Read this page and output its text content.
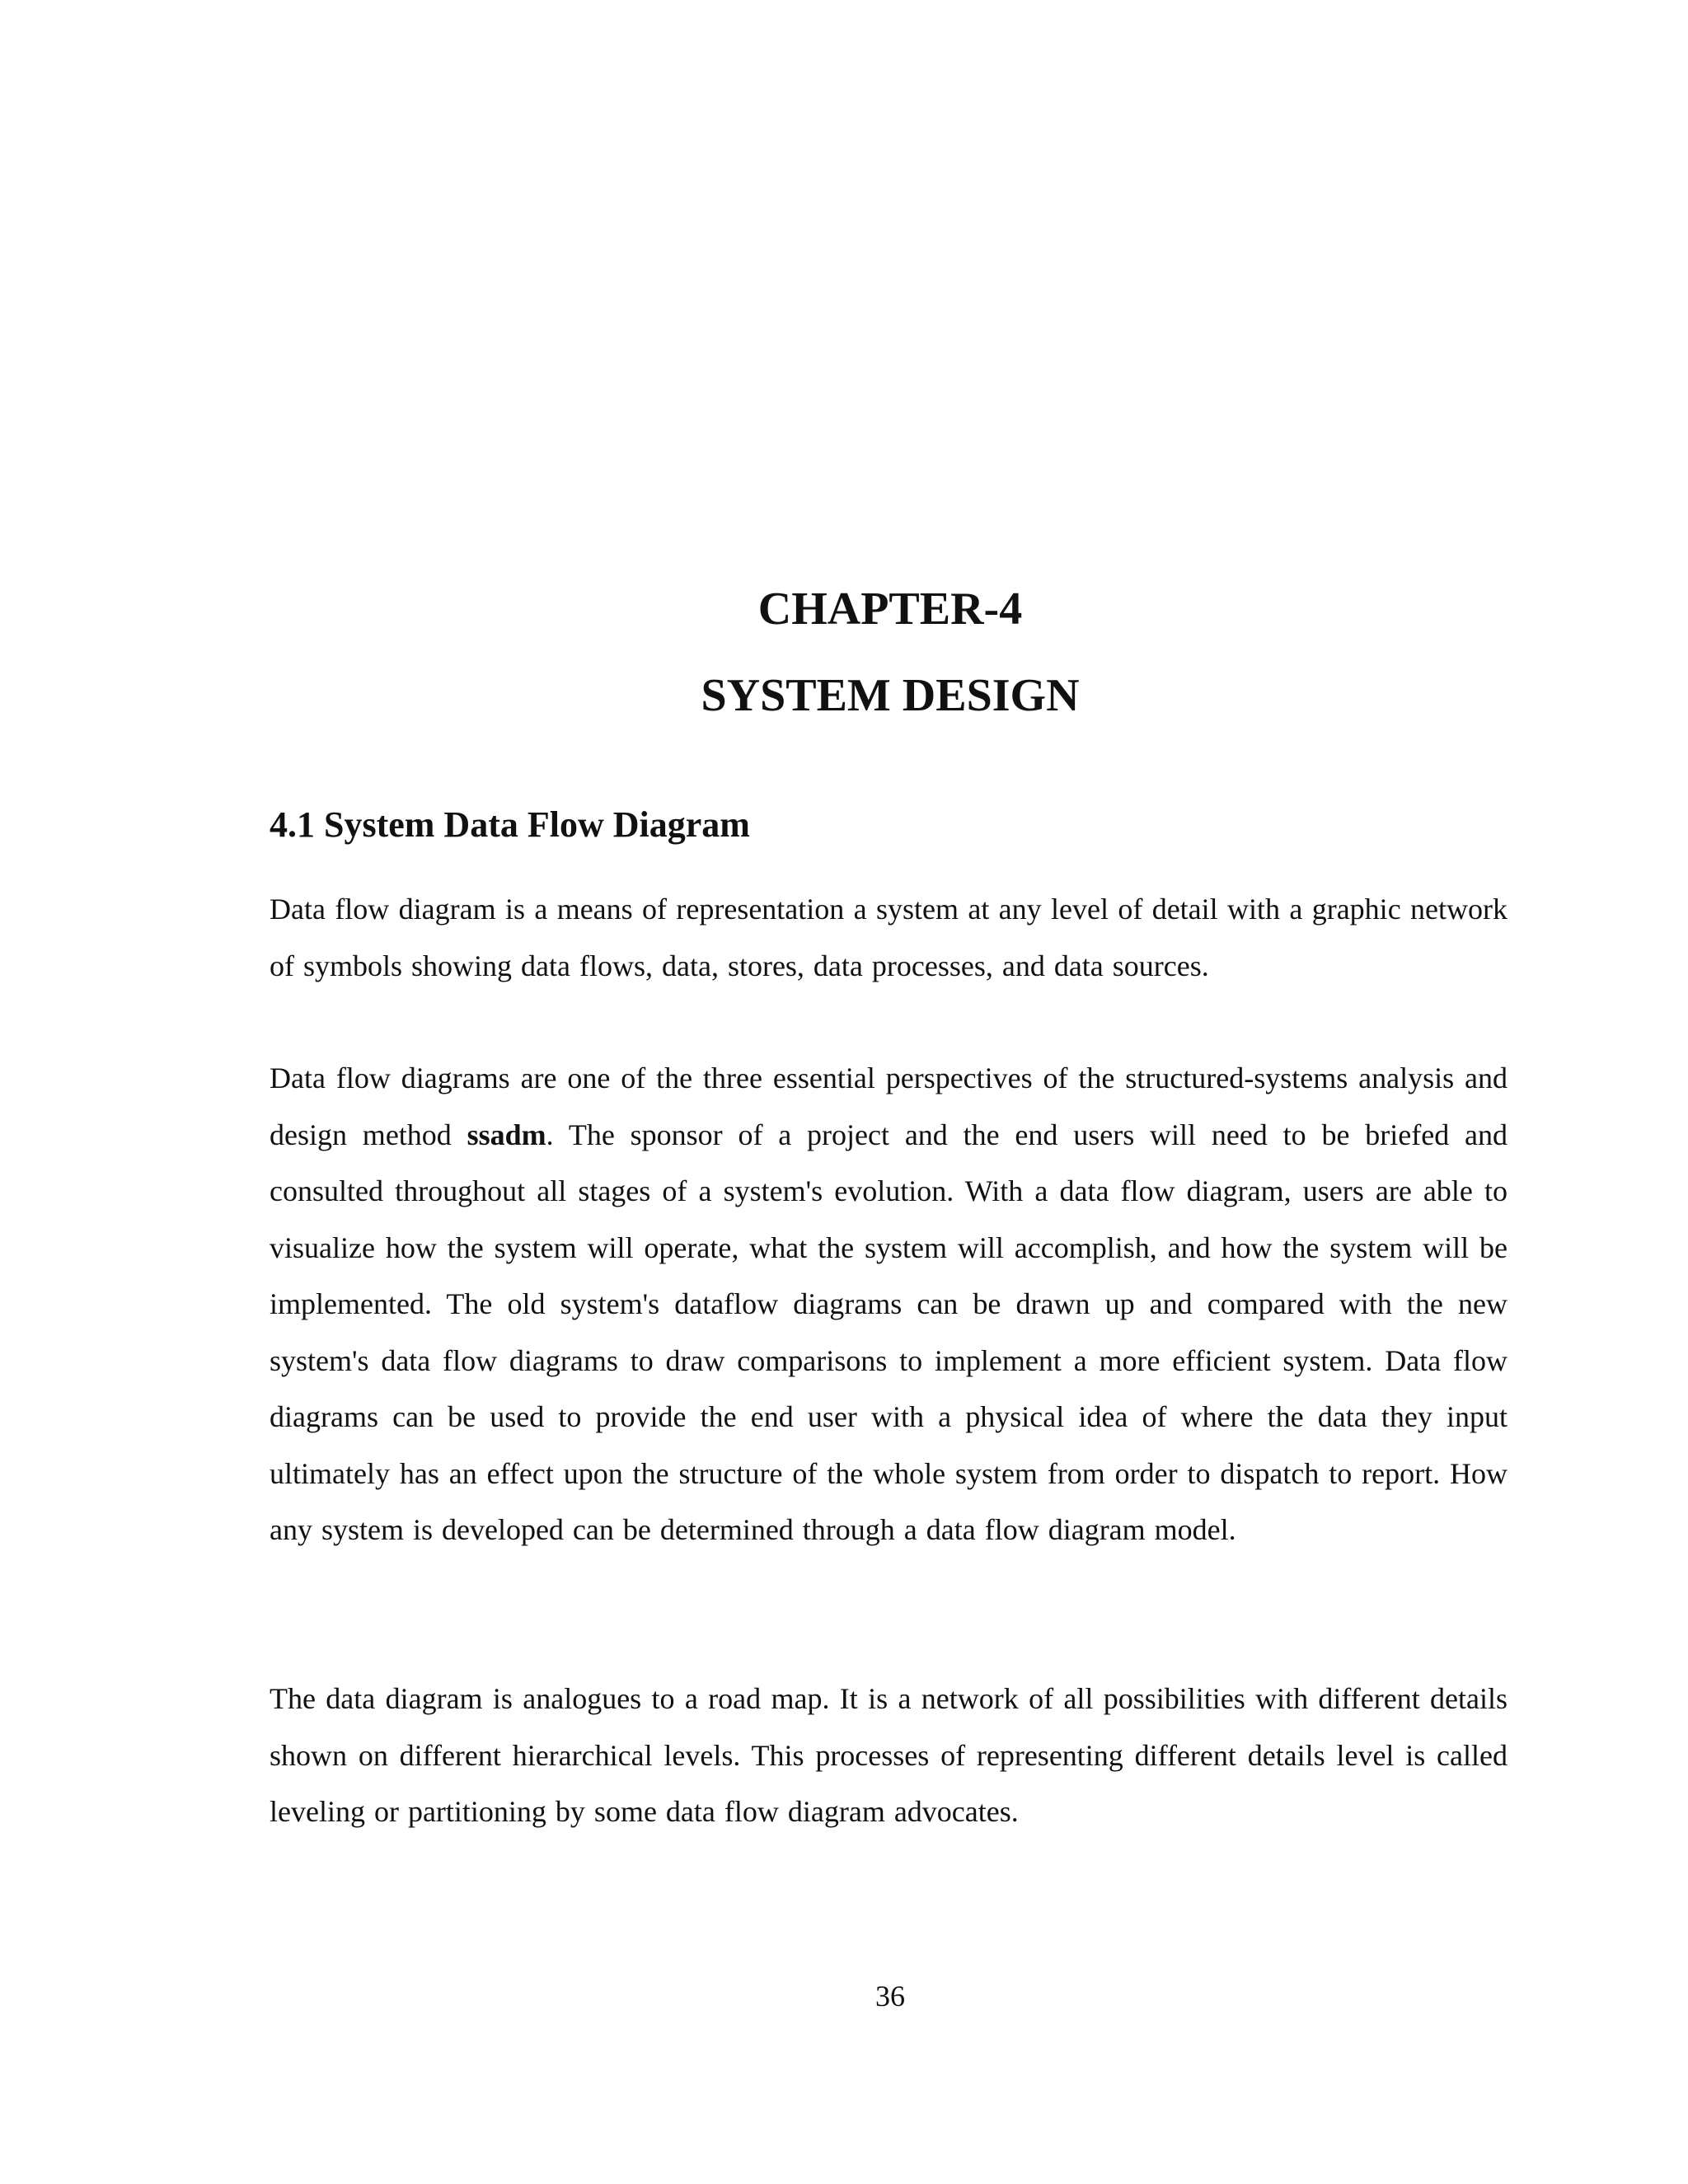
CHAPTER-4
SYSTEM DESIGN
4.1 System Data Flow Diagram

Data flow diagram is a means of representation a system at any level of detail with a graphic network of symbols showing data flows, data, stores, data processes, and data sources.

Data flow diagrams are one of the three essential perspectives of the structured-systems analysis and design method ssadm. The sponsor of a project and the end users will need to be briefed and consulted throughout all stages of a system's evolution. With a data flow diagram, users are able to visualize how the system will operate, what the system will accomplish, and how the system will be implemented. The old system's dataflow diagrams can be drawn up and compared with the new system's data flow diagrams to draw comparisons to implement a more efficient system. Data flow diagrams can be used to provide the end user with a physical idea of where the data they input ultimately has an effect upon the structure of the whole system from order to dispatch to report. How any system is developed can be determined through a data flow diagram model.

The data diagram is analogues to a road map. It is a network of all possibilities with different details shown on different hierarchical levels. This processes of representing different details level is called leveling or partitioning by some data flow diagram advocates.

36
